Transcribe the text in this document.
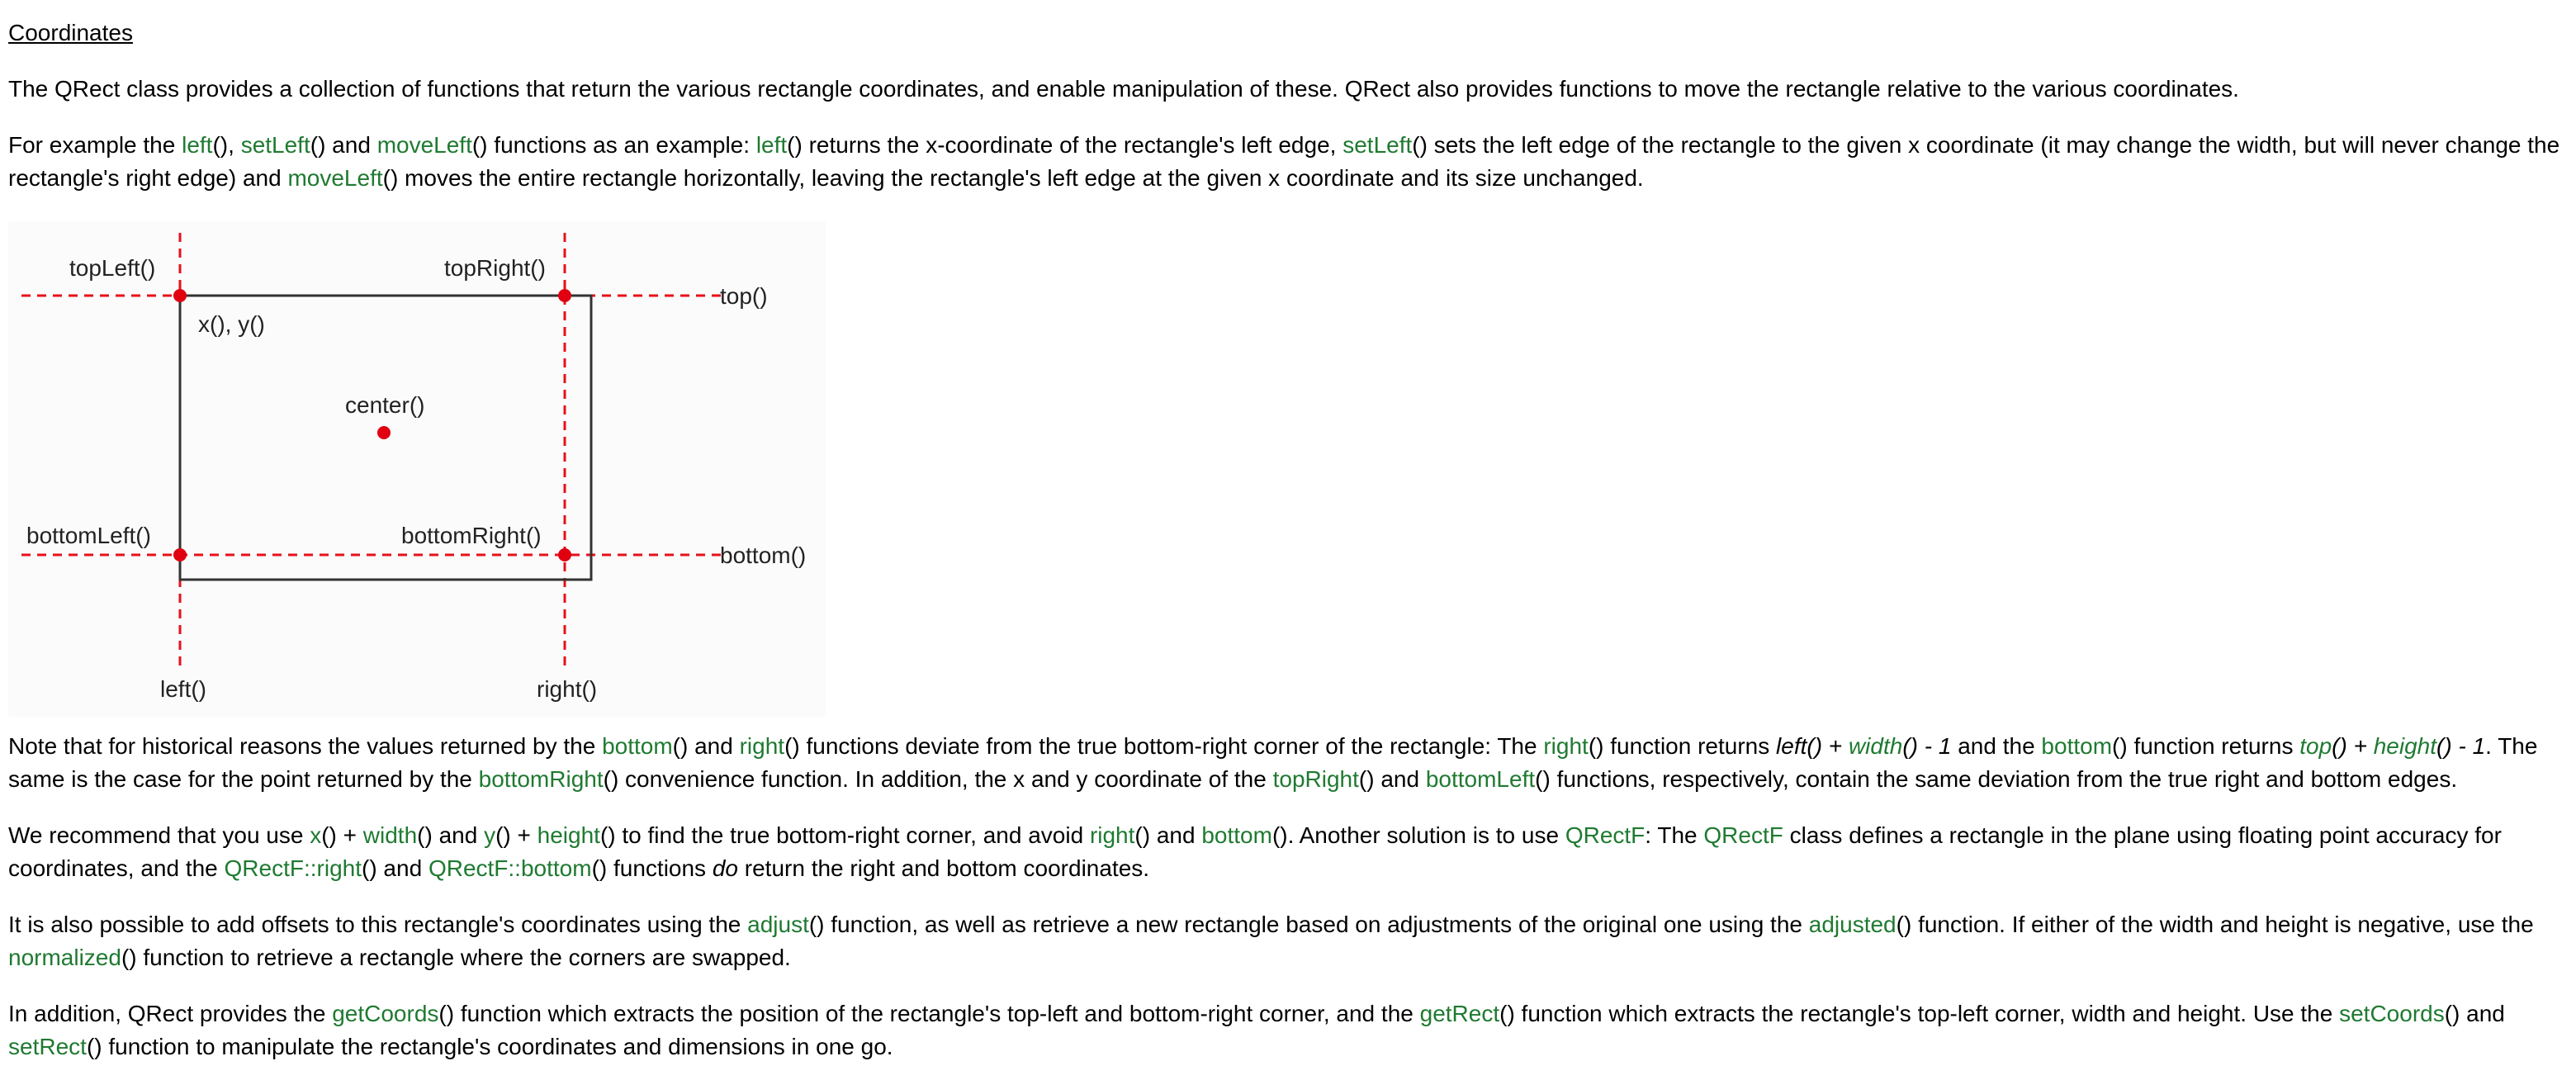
Coordinates

The QRect class provides a collection of functions that return the various rectangle coordinates, and enable manipulation of these. QRect also provides functions to move the rectangle relative to the various coordinates.

For example the left(), setLeft() and moveLeft() functions as an example: left() returns the x-coordinate of the rectangle's left edge, setLeft() sets the left edge of the rectangle to the given x coordinate (it may change the width, but will never change the rectangle's right edge) and moveLeft() moves the entire rectangle horizontally, leaving the rectangle's left edge at the given x coordinate and its size unchanged.

topLeft()	topRight()
top()
x(), y()
center()
bottomLeft()	bottomRight()
bottom()
left()	right()

Note that for historical reasons the values returned by the bottom() and right() functions deviate from the true bottom-right corner of the rectangle: The right() function returns left() + width() - 1 and the bottom() function returns top() + height() - 1. The same is the case for the point returned by the bottomRight() convenience function. In addition, the x and y coordinate of the topRight() and bottomLeft() functions, respectively, contain the same deviation from the true right and bottom edges.

We recommend that you use x() + width() and y() + height() to find the true bottom-right corner, and avoid right() and bottom(). Another solution is to use QRectF: The QRectF class defines a rectangle in the plane using floating point accuracy for coordinates, and the QRectF::right() and QRectF::bottom() functions do return the right and bottom coordinates.

It is also possible to add offsets to this rectangle's coordinates using the adjust() function, as well as retrieve a new rectangle based on adjustments of the original one using the adjusted() function. If either of the width and height is negative, use the normalized() function to retrieve a rectangle where the corners are swapped.

In addition, QRect provides the getCoords() function which extracts the position of the rectangle's top-left and bottom-right corner, and the getRect() function which extracts the rectangle's top-left corner, width and height. Use the setCoords() and setRect() function to manipulate the rectangle's coordinates and dimensions in one go.
